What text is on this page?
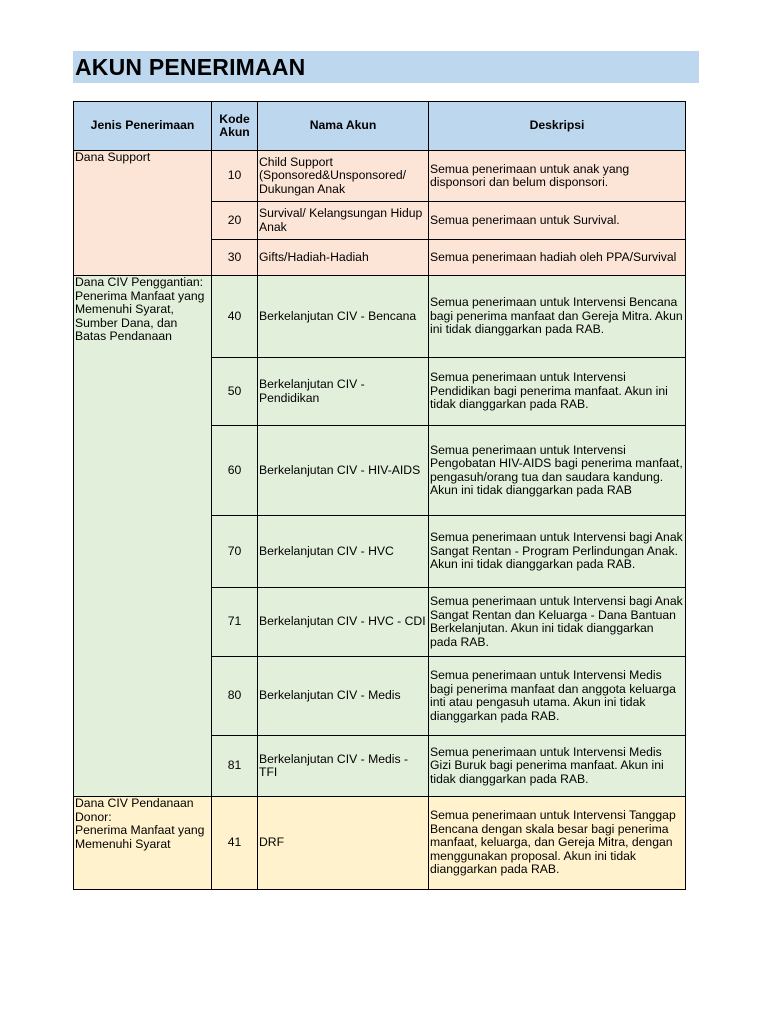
AKUN PENERIMAAN
Jenis Penerimaan	Kode Akun	Nama Akun	Deskripsi

Dana Support	10	Child Support (Sponsored&Unsponsored/ Dukungan Anak	Semua penerimaan untuk anak yang disponsori dan belum disponsori.
	20	Survival/ Kelangsungan Hidup Anak	Semua penerimaan untuk Survival.
	30	Gifts/Hadiah-Hadiah	Semua penerimaan hadiah oleh PPA/Survival

Dana CIV Penggantian:
Penerima Manfaat yang Memenuhi Syarat, Sumber Dana, dan Batas Pendanaan	40	Berkelanjutan CIV - Bencana	Semua penerimaan untuk Intervensi Bencana bagi penerima manfaat dan Gereja Mitra. Akun ini tidak dianggarkan pada RAB.
	50	Berkelanjutan CIV - Pendidikan	Semua penerimaan untuk Intervensi Pendidikan bagi penerima manfaat. Akun ini tidak dianggarkan pada RAB.
	60	Berkelanjutan CIV - HIV-AIDS	Semua penerimaan untuk Intervensi Pengobatan HIV-AIDS bagi penerima manfaat, pengasuh/orang tua dan saudara kandung. Akun ini tidak dianggarkan pada RAB
	70	Berkelanjutan CIV - HVC	Semua penerimaan untuk Intervensi bagi Anak Sangat Rentan - Program Perlindungan Anak. Akun ini tidak dianggarkan pada RAB.
	71	Berkelanjutan CIV - HVC - CDI	Semua penerimaan untuk Intervensi bagi Anak Sangat Rentan dan Keluarga - Dana Bantuan Berkelanjutan. Akun ini tidak dianggarkan pada RAB.
	80	Berkelanjutan CIV - Medis	Semua penerimaan untuk Intervensi Medis bagi penerima manfaat dan anggota keluarga inti atau pengasuh utama. Akun ini tidak dianggarkan pada RAB.
	81	Berkelanjutan CIV - Medis - TFI	Semua penerimaan untuk Intervensi Medis Gizi Buruk bagi penerima manfaat. Akun ini tidak dianggarkan pada RAB.

Dana CIV Pendanaan Donor:
Penerima Manfaat yang Memenuhi Syarat	41	DRF	Semua penerimaan untuk Intervensi Tanggap Bencana dengan skala besar bagi penerima manfaat, keluarga, dan Gereja Mitra, dengan menggunakan proposal. Akun ini tidak dianggarkan pada RAB.
